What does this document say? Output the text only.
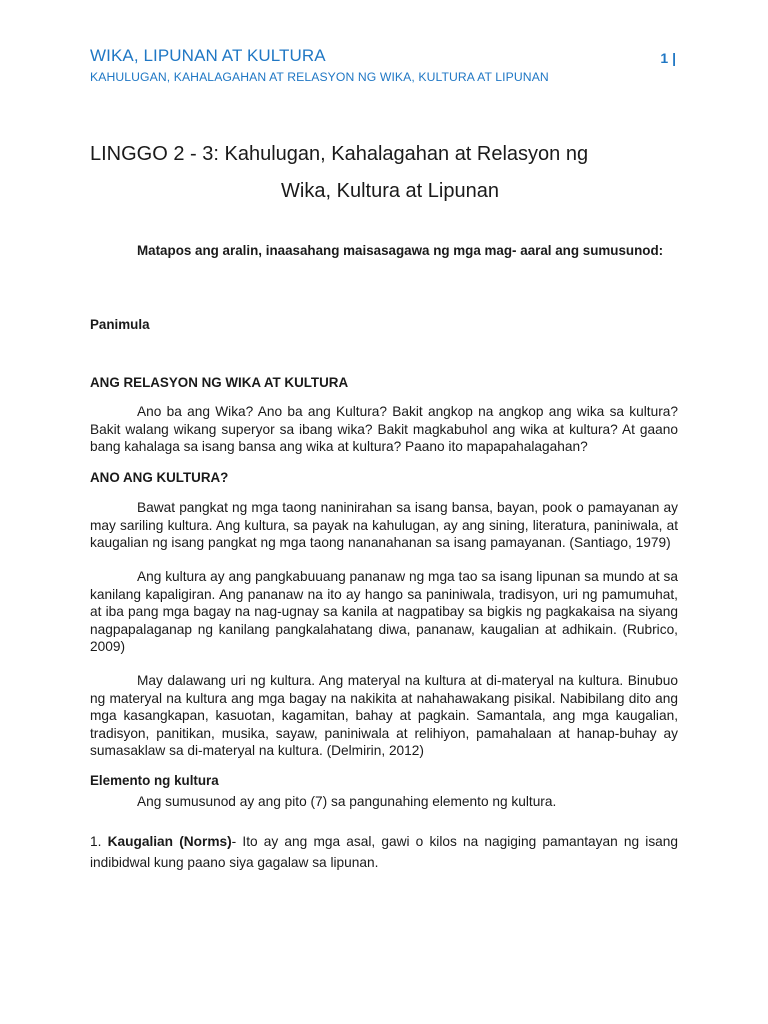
WIKA, LIPUNAN AT KULTURA	1 |
KAHULUGAN, KAHALAGAHAN AT RELASYON NG WIKA, KULTURA AT LIPUNAN
LINGGO 2 - 3: Kahulugan, Kahalagahan at Relasyon ng
Wika, Kultura at Lipunan
Matapos ang aralin, inaasahang maisasagawa ng mga mag- aaral ang sumusunod:
Panimula
ANG RELASYON NG WIKA AT KULTURA

Ano ba ang Wika? Ano ba ang Kultura? Bakit angkop na angkop ang wika sa kultura? Bakit walang wikang superyor sa ibang wika? Bakit magkabuhol ang wika at kultura? At gaano bang kahalaga sa isang bansa ang wika at kultura? Paano ito mapapahalagahan?

ANO ANG KULTURA?

Bawat pangkat ng mga taong naninirahan sa isang bansa, bayan, pook o pamayanan ay may sariling kultura. Ang kultura, sa payak na kahulugan, ay ang sining, literatura, paniniwala, at kaugalian ng isang pangkat ng mga taong nananahanan sa isang pamayanan. (Santiago, 1979)

Ang kultura ay ang pangkabuuang pananaw ng mga tao sa isang lipunan sa mundo at sa kanilang kapaligiran. Ang pananaw na ito ay hango sa paniniwala, tradisyon, uri ng pamumuhat, at iba pang mga bagay na nag-ugnay sa kanila at nagpatibay sa bigkis ng pagkakaisa na siyang nagpapalaganap ng kanilang pangkalahatang diwa, pananaw, kaugalian at adhikain. (Rubrico, 2009)

May dalawang uri ng kultura. Ang materyal na kultura at di-materyal na kultura. Binubuo ng materyal na kultura ang mga bagay na nakikita at nahahawakang pisikal. Nabibilang dito ang mga kasangkapan, kasuotan, kagamitan, bahay at pagkain. Samantala, ang mga kaugalian, tradisyon, panitikan, musika, sayaw, paniniwala at relihiyon, pamahalaan at hanap-buhay ay sumasaklaw sa di-materyal na kultura. (Delmirin, 2012)

Elemento ng kultura

Ang sumusunod ay ang pito (7) sa pangunahing elemento ng kultura.

1. Kaugalian (Norms)- Ito ay ang mga asal, gawi o kilos na nagiging pamantayan ng isang indibidwal kung paano siya gagalaw sa lipunan.
